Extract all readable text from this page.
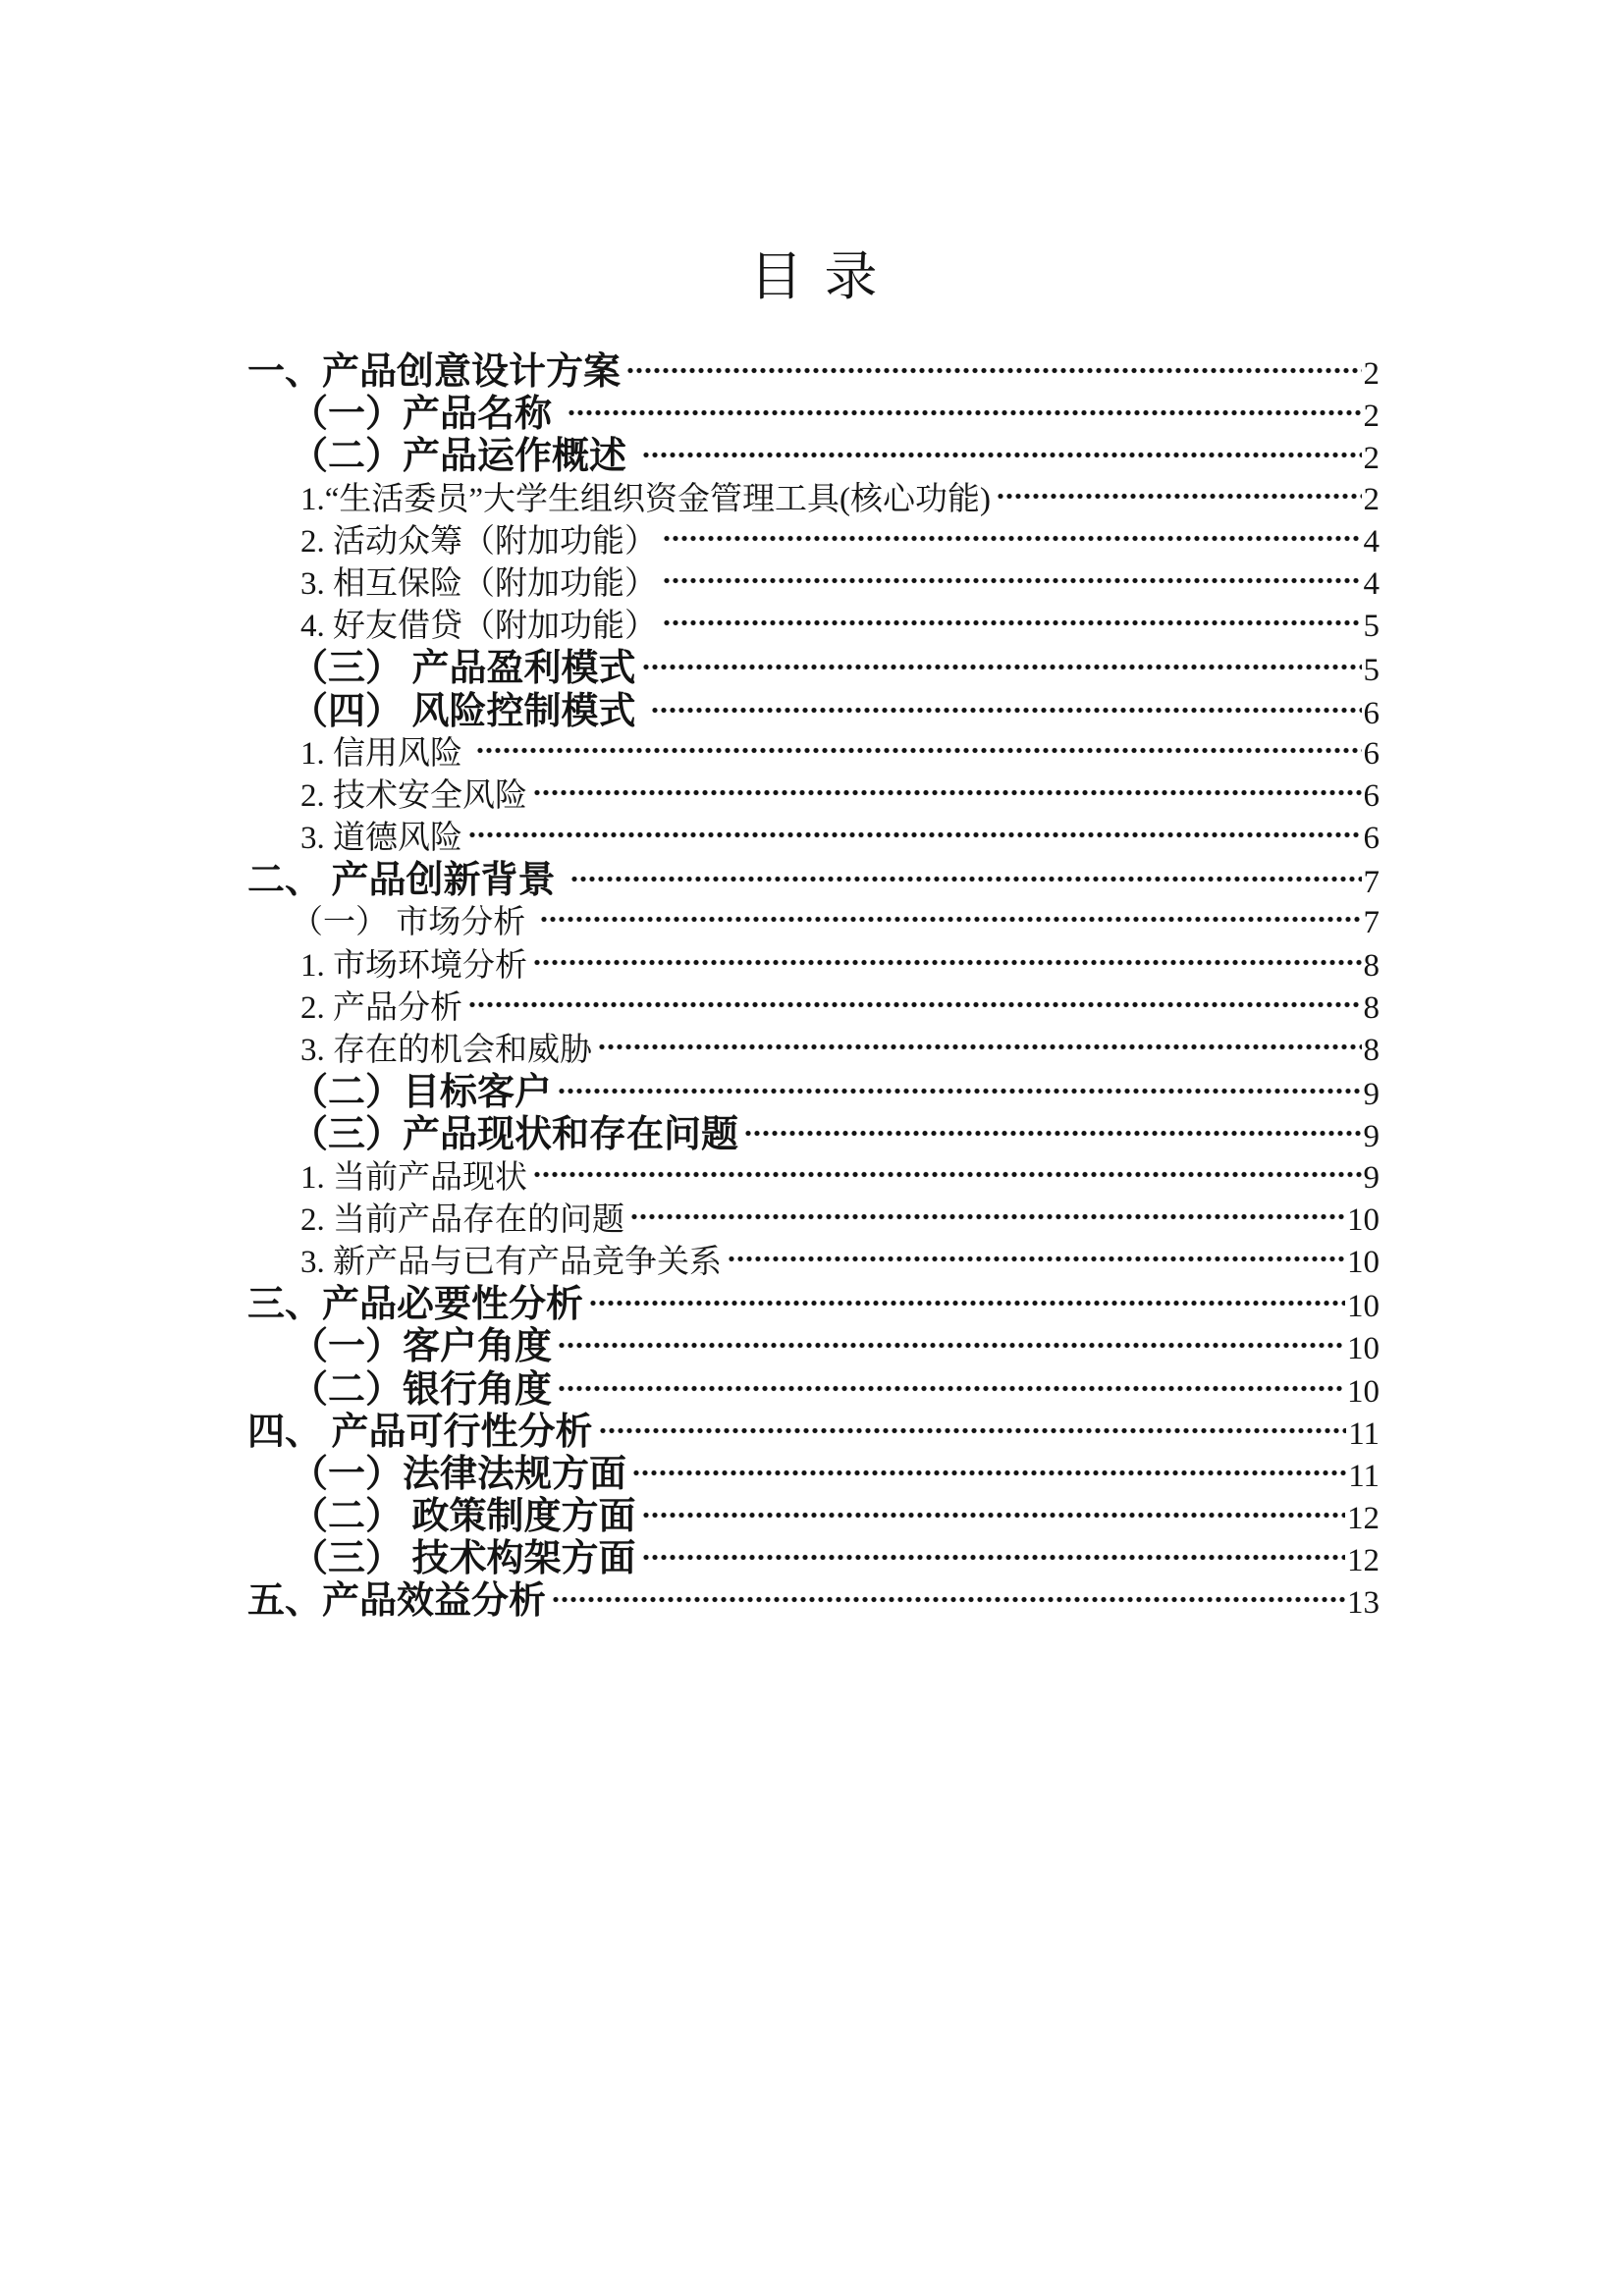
目录
一、产品创意设计方案	2
（一）产品名称	2
（二）产品运作概述	2
1.“生活委员”大学生组织资金管理工具(核心功能)	2
2. 活动众筹（附加功能）	4
3. 相互保险（附加功能）	4
4. 好友借贷（附加功能）	5
（三） 产品盈利模式	5
（四） 风险控制模式	6
1. 信用风险	6
2. 技术安全风险	6
3. 道德风险	6
二、 产品创新背景	7
（一） 市场分析	7
1. 市场环境分析	8
2. 产品分析	8
3. 存在的机会和威胁	8
（二）目标客户	9
（三）产品现状和存在问题	9
1. 当前产品现状	9
2. 当前产品存在的问题	10
3. 新产品与已有产品竞争关系	10
三、产品必要性分析	10
（一）客户角度	10
（二）银行角度	10
四、 产品可行性分析	11
（一）法律法规方面	11
（二） 政策制度方面	12
（三） 技术构架方面	12
五、产品效益分析	13
